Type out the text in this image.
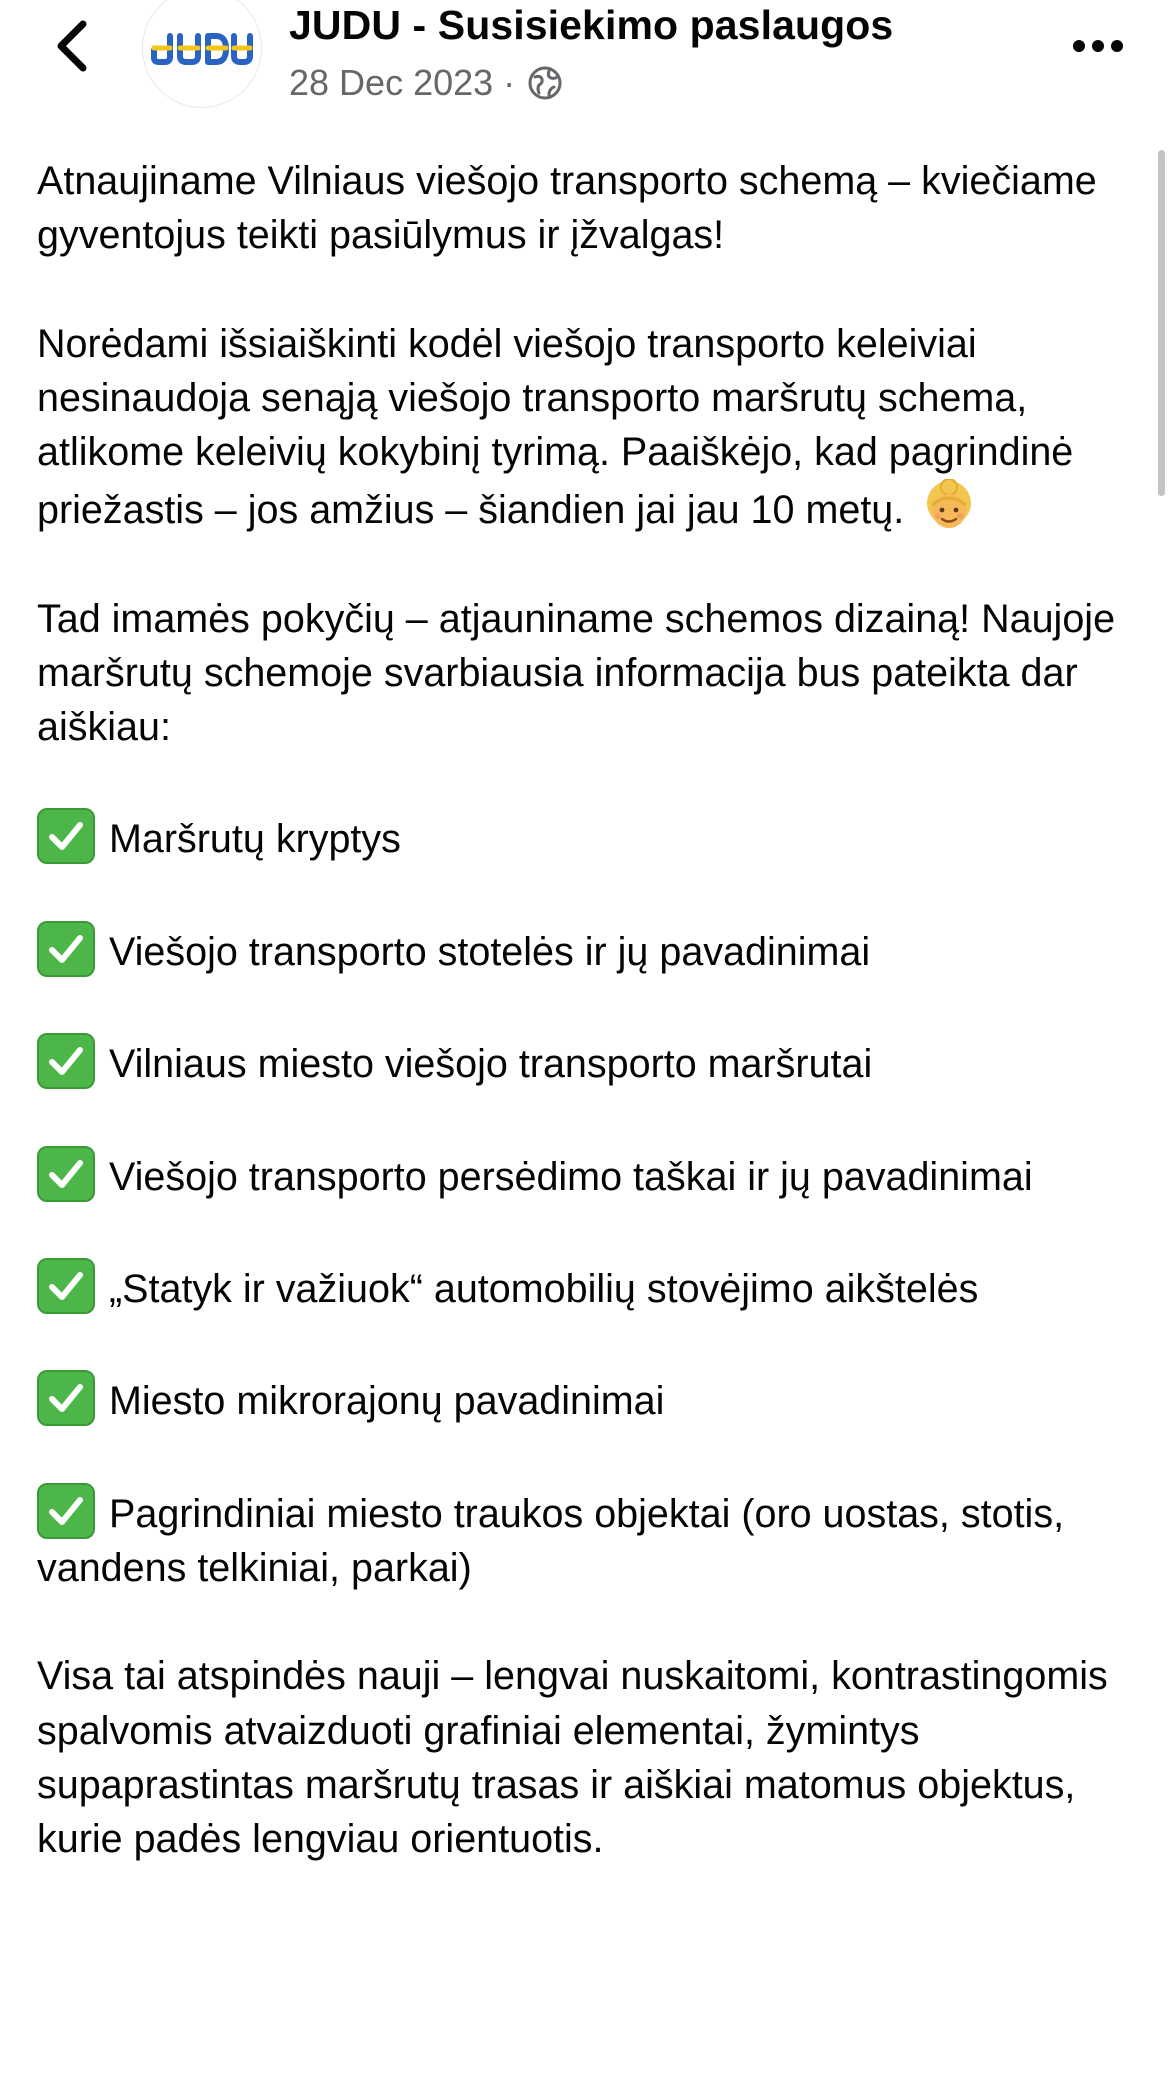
JUDU - Susisiekimo paslaugos
28 Dec 2023 ·

Atnaujiname Vilniaus viešojo transporto schemą – kviečiame gyventojus teikti pasiūlymus ir įžvalgas!

Norėdami išsiaiškinti kodėl viešojo transporto keleiviai nesinaudoja senąją viešojo transporto maršrutų schema, atlikome keleivių kokybinį tyrimą. Paaiškėjo, kad pagrindinė priežastis – jos amžius – šiandien jai jau 10 metų.

Tad imamės pokyčių – atjauniname schemos dizainą! Naujoje maršrutų schemoje svarbiausia informacija bus pateikta dar aiškiau:

Maršrutų kryptys

Viešojo transporto stotelės ir jų pavadinimai

Vilniaus miesto viešojo transporto maršrutai

Viešojo transporto persėdimo taškai ir jų pavadinimai

„Statyk ir važiuok“ automobilių stovėjimo aikštelės

Miesto mikrorajonų pavadinimai

Pagrindiniai miesto traukos objektai (oro uostas, stotis, vandens telkiniai, parkai)

Visa tai atspindės nauji – lengvai nuskaitomi, kontrastingomis spalvomis atvaizduoti grafiniai elementai, žymintys supaprastintas maršrutų trasas ir aiškiai matomus objektus, kurie padės lengviau orientuotis.
